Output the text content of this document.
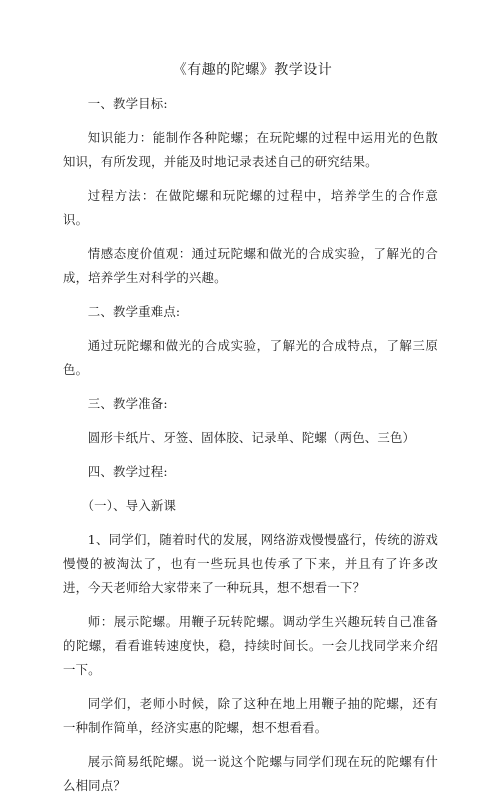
《有趣的陀螺》教学设计
一、教学目标:
知识能力：能制作各种陀螺；在玩陀螺的过程中运用光的色散知识，有所发现，并能及时地记录表述自己的研究结果。
过程方法：在做陀螺和玩陀螺的过程中，培养学生的合作意识。
情感态度价值观：通过玩陀螺和做光的合成实验，了解光的合成，培养学生对科学的兴趣。
二、教学重难点:
通过玩陀螺和做光的合成实验，了解光的合成特点，了解三原色。
三、教学准备:
圆形卡纸片、牙签、固体胶、记录单、陀螺（两色、三色）
四、教学过程:
（一）、导入新课
1、同学们，随着时代的发展，网络游戏慢慢盛行，传统的游戏慢慢的被淘汰了，也有一些玩具也传承了下来，并且有了许多改进，今天老师给大家带来了一种玩具，想不想看一下？
师：展示陀螺。用鞭子玩转陀螺。调动学生兴趣玩转自己准备的陀螺，看看谁转速度快，稳，持续时间长。一会儿找同学来介绍一下。
同学们，老师小时候，除了这种在地上用鞭子抽的陀螺，还有一种制作简单，经济实惠的陀螺，想不想看看。
展示简易纸陀螺。说一说这个陀螺与同学们现在玩的陀螺有什么相同点？
